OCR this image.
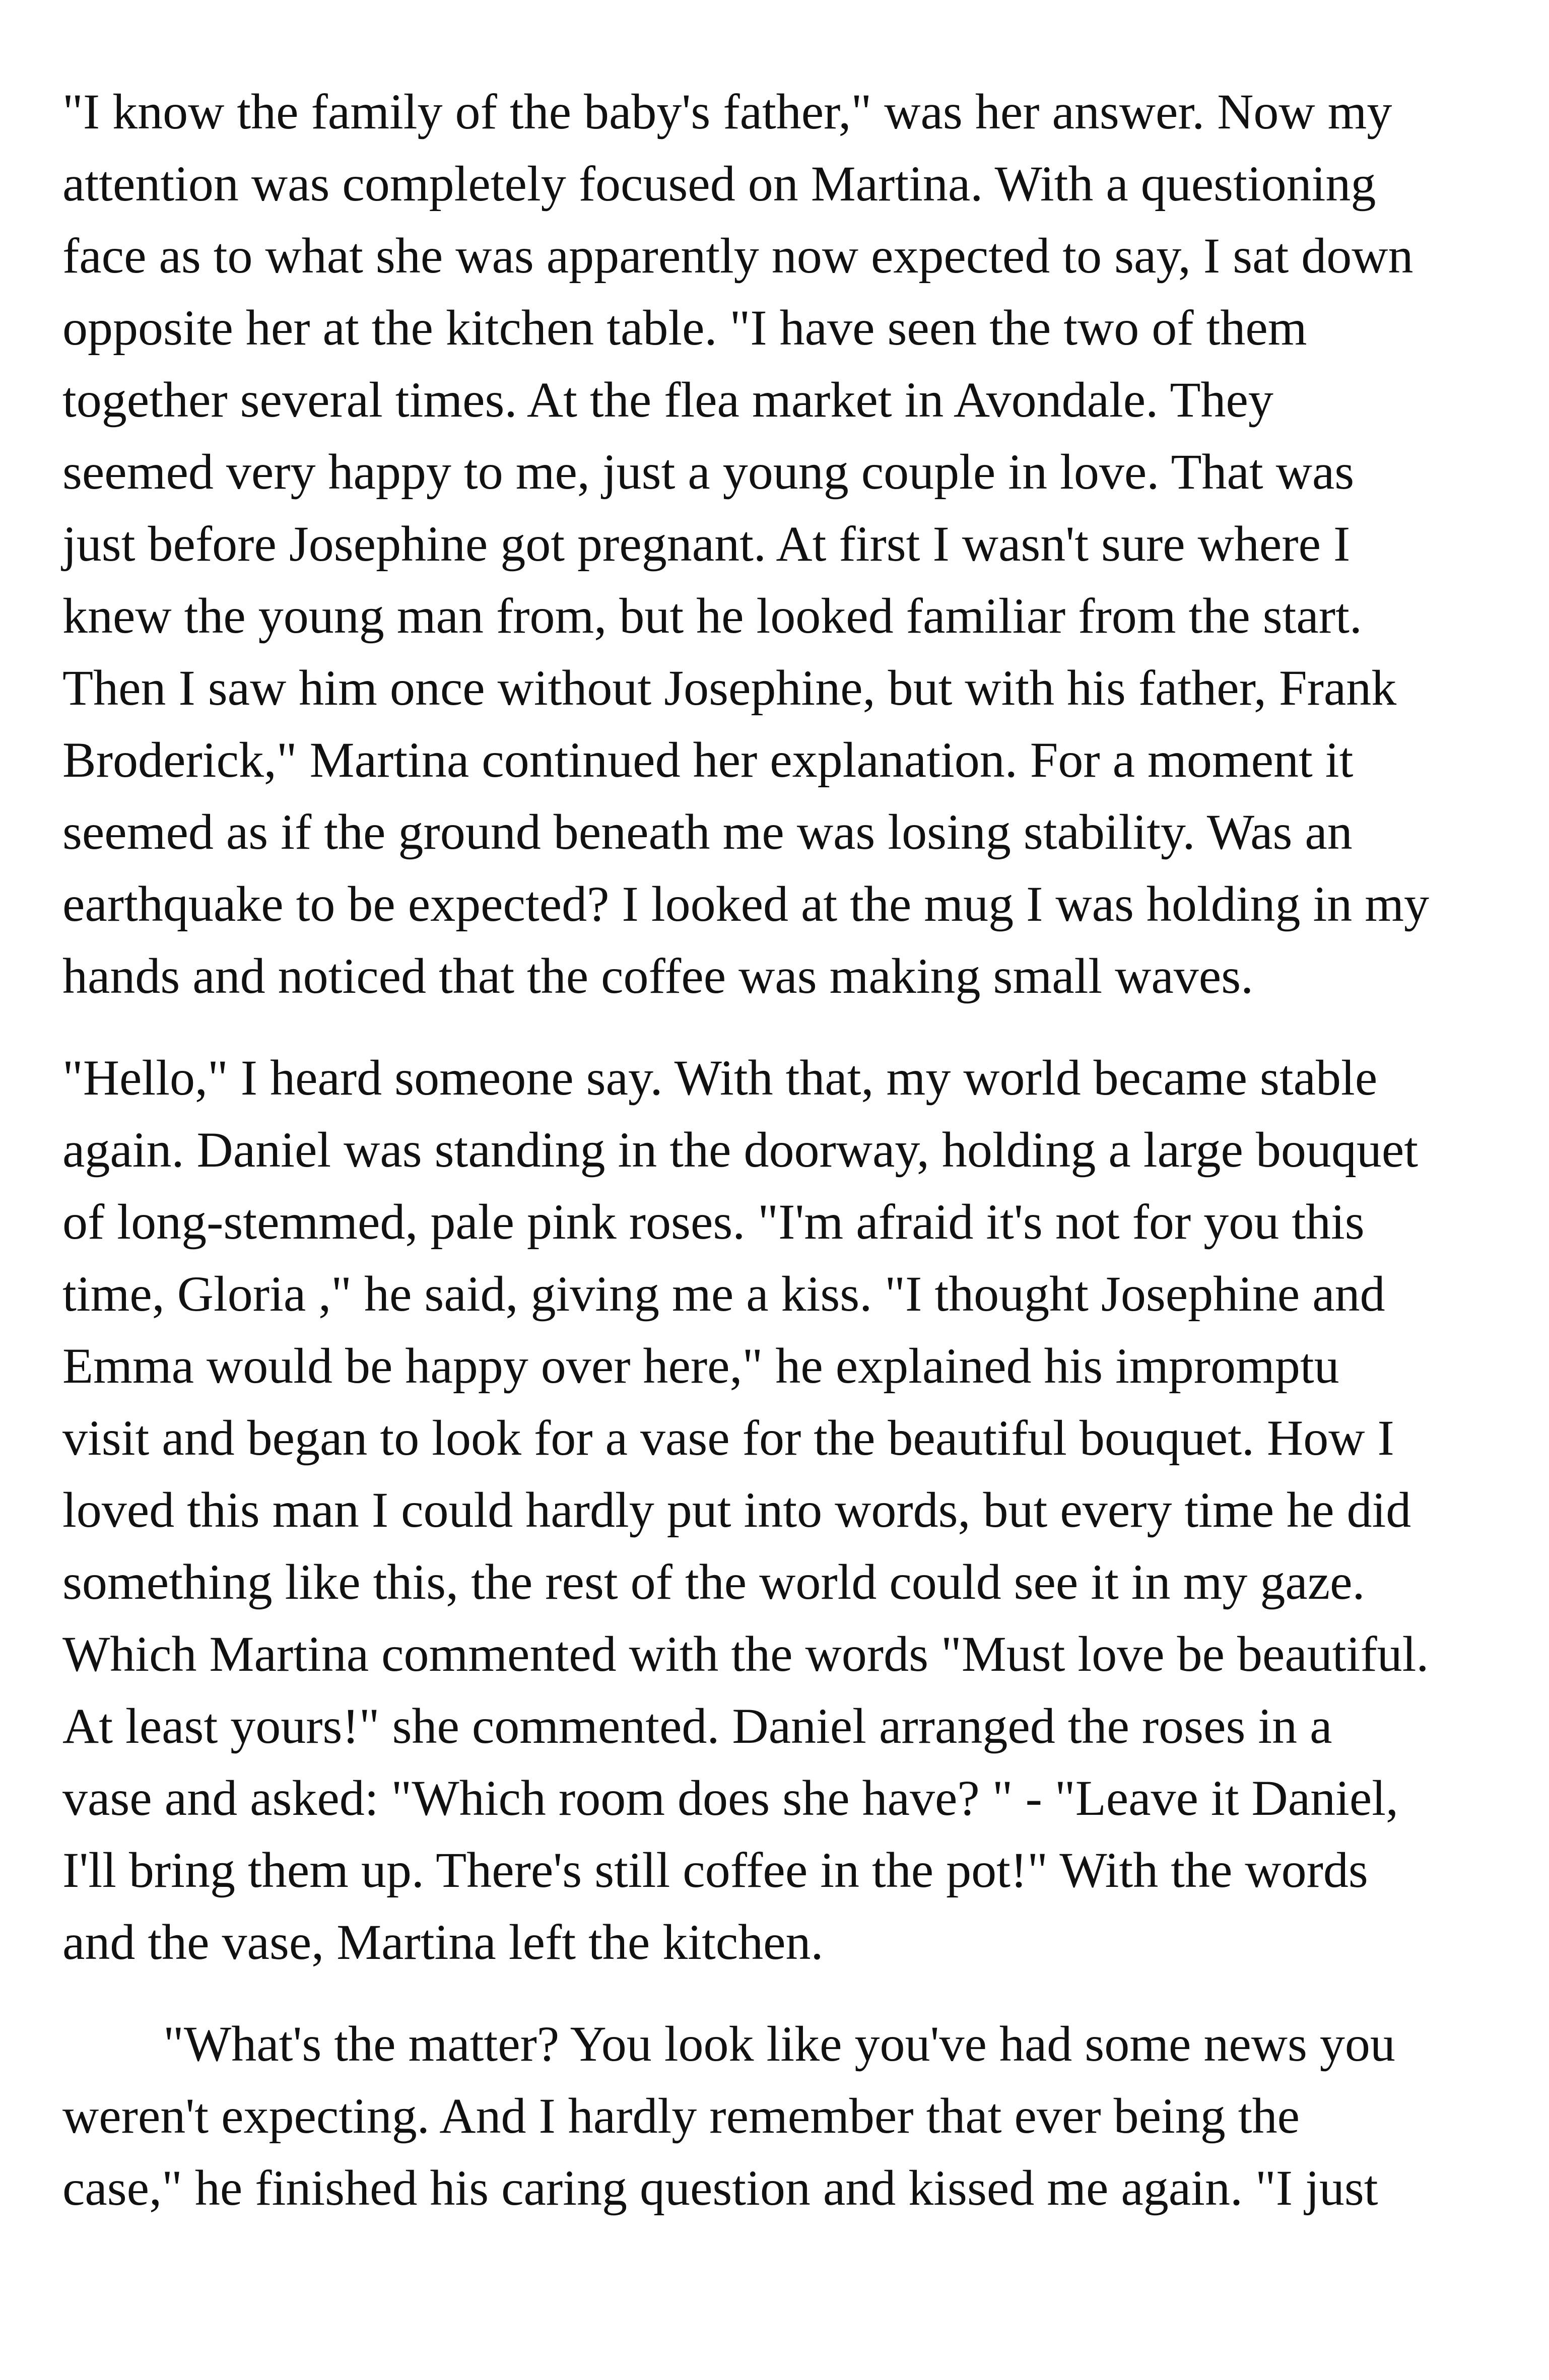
"I know the family of the baby's father," was her answer. Now my
attention was completely focused on Martina. With a questioning
face as to what she was apparently now expected to say, I sat down
opposite her at the kitchen table. "I have seen the two of them
together several times. At the flea market in Avondale. They
seemed very happy to me, just a young couple in love. That was
just before Josephine got pregnant. At first I wasn't sure where I
knew the young man from, but he looked familiar from the start.
Then I saw him once without Josephine, but with his father, Frank
Broderick," Martina continued her explanation. For a moment it
seemed as if the ground beneath me was losing stability. Was an
earthquake to be expected? I looked at the mug I was holding in my
hands and noticed that the coffee was making small waves.
"Hello," I heard someone say. With that, my world became stable
again. Daniel was standing in the doorway, holding a large bouquet
of long-stemmed, pale pink roses. "I'm afraid it's not for you this
time, Gloria ," he said, giving me a kiss. "I thought Josephine and
Emma would be happy over here," he explained his impromptu
visit and began to look for a vase for the beautiful bouquet. How I
loved this man I could hardly put into words, but every time he did
something like this, the rest of the world could see it in my gaze.
Which Martina commented with the words "Must love be beautiful.
At least yours!" she commented. Daniel arranged the roses in a
vase and asked: "Which room does she have? " - "Leave it Daniel,
I'll bring them up. There's still coffee in the pot!" With the words
and the vase, Martina left the kitchen.
"What's the matter? You look like you've had some news you
weren't expecting. And I hardly remember that ever being the
case," he finished his caring question and kissed me again. "I just
